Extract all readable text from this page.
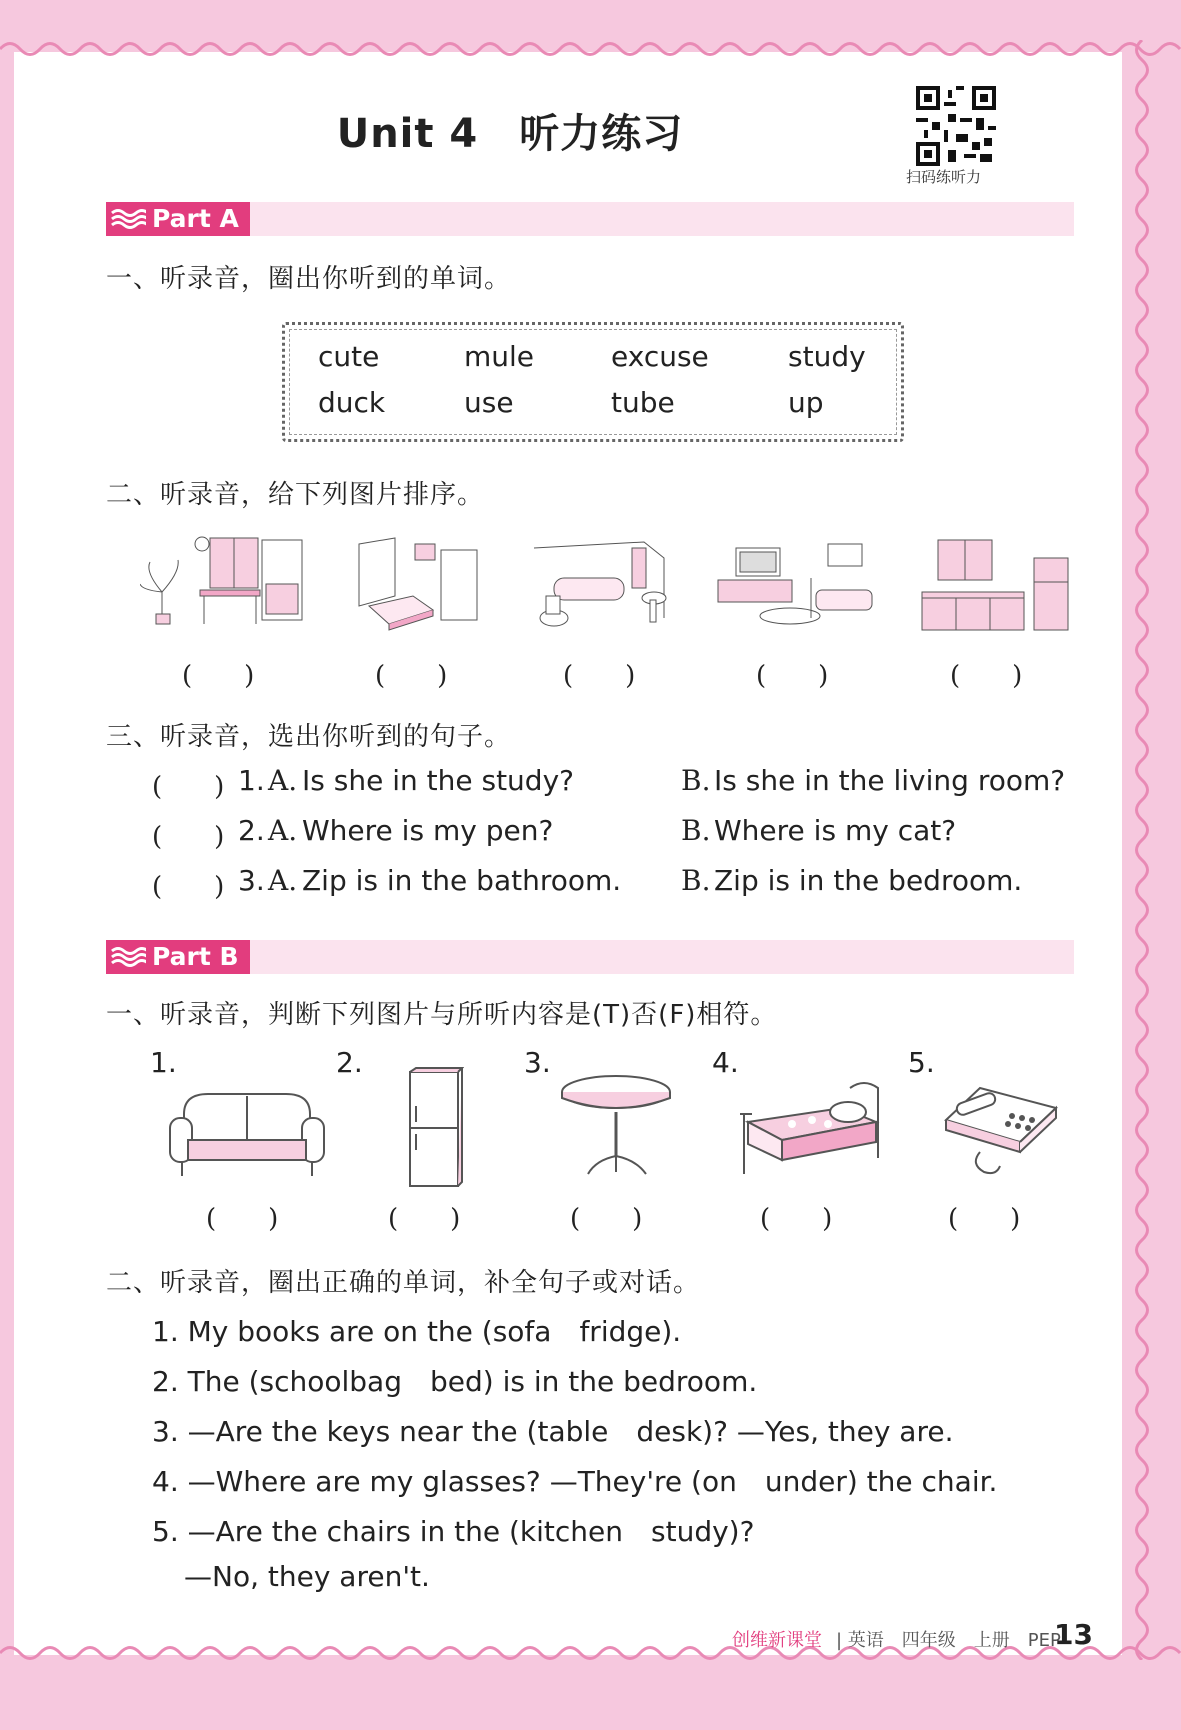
Unit 4　听力练习
扫码练听力
Part A
一、听录音，圈出你听到的单词。
cute	mule	excuse	study
duck	use	tube	up
二、听录音，给下列图片排序。
(　　)	(　　)	(　　)	(　　)	(　　)
三、听录音，选出你听到的句子。
(　　) 1. A. Is she in the study?	B. Is she in the living room?
(　　) 2. A. Where is my pen?	B. Where is my cat?
(　　) 3. A. Zip is in the bathroom. B. Zip is in the bedroom.
Part B
一、听录音，判断下列图片与所听内容是(T)否(F)相符。
1.	2.	3.	4.	5.
(　　)	(　　)	(　　)	(　　)	(　　)
二、听录音，圈出正确的单词，补全句子或对话。
1. My books are on the (sofa　fridge).
2. The (schoolbag　bed) is in the bedroom.
3. —Are the keys near the (table　desk)? —Yes, they are.
4. —Where are my glasses? —They're (on　under) the chair.
5. —Are the chairs in the (kitchen　study)?
—No, they aren't.
创维新课堂 | 英语　四年级　上册　PEP
13
